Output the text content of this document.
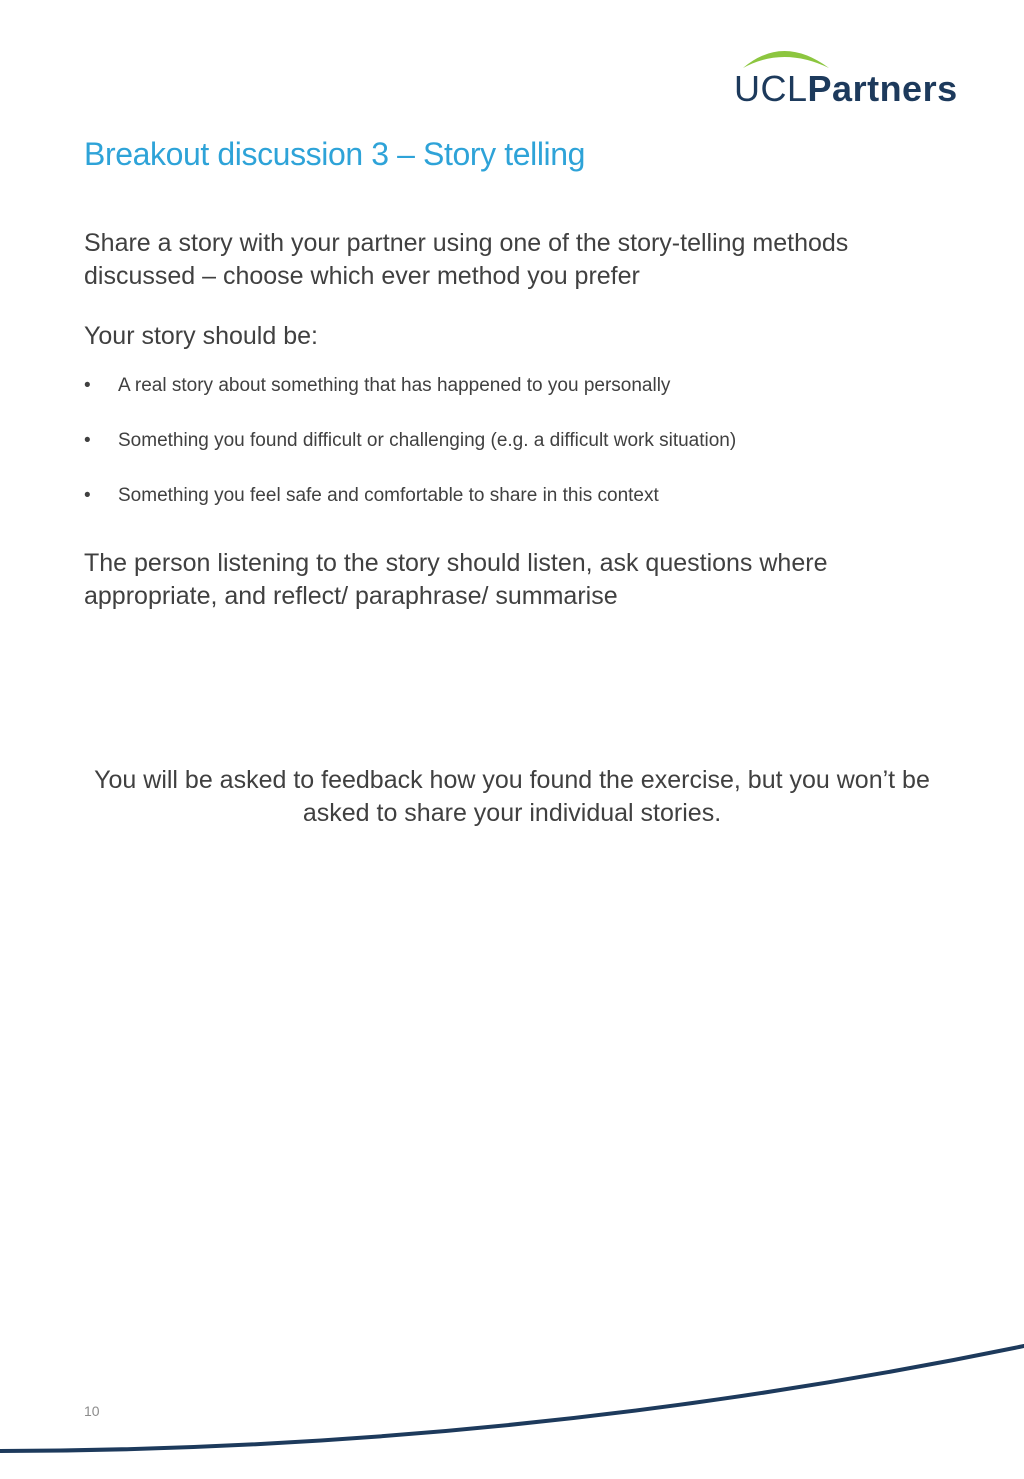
UCLPartners
Breakout discussion 3 – Story telling

Share a story with your partner using one of the story-telling methods discussed – choose which ever method you prefer

Your story should be:

• A real story about something that has happened to you personally
• Something you found difficult or challenging (e.g. a difficult work situation)
• Something you feel safe and comfortable to share in this context

The person listening to the story should listen, ask questions where appropriate, and reflect/ paraphrase/ summarise

You will be asked to feedback how you found the exercise, but you won’t be asked to share your individual stories.

10
